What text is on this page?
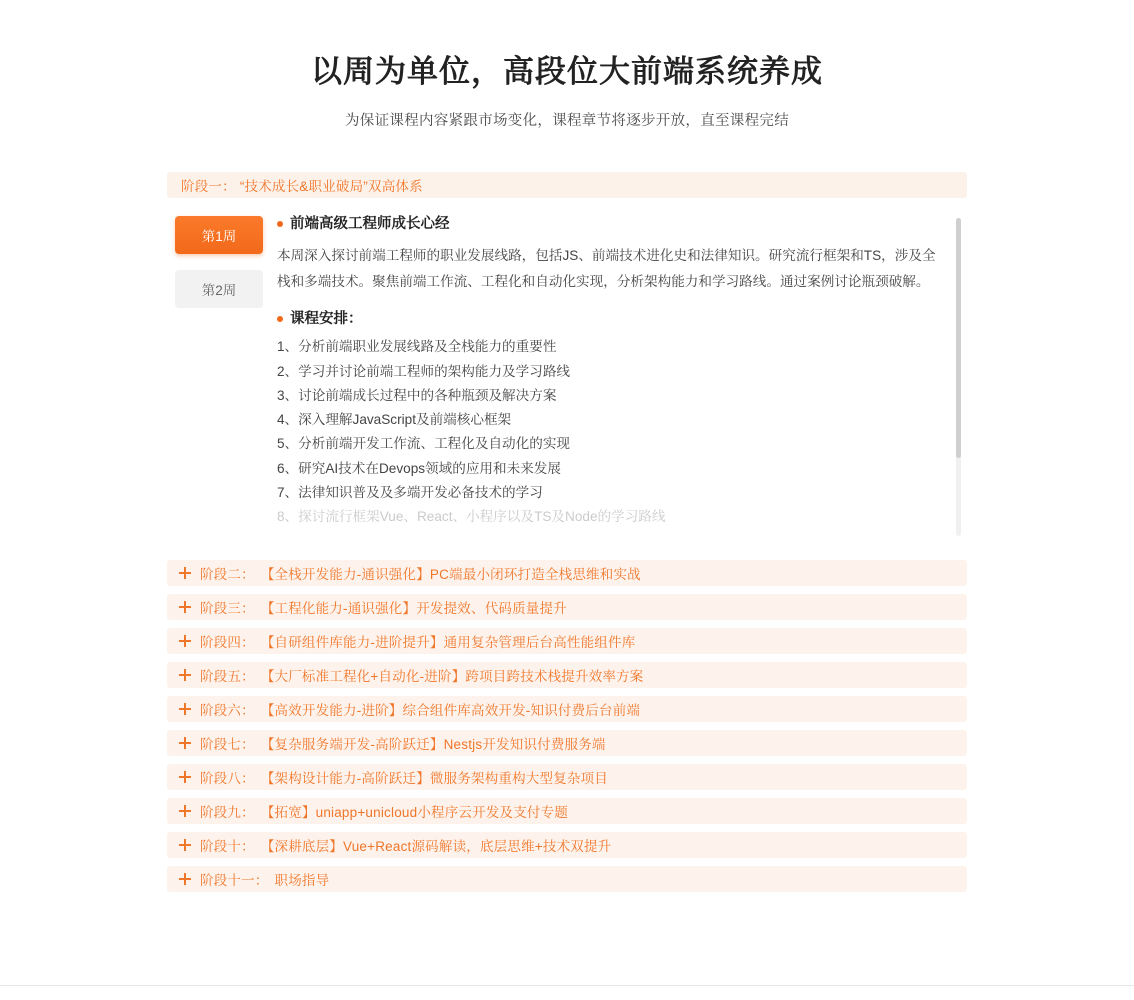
以周为单位，高段位大前端系统养成
为保证课程内容紧跟市场变化，课程章节将逐步开放，直至课程完结
阶段一： “技术成长&职业破局”双高体系
第1周
第2周
前端高级工程师成长心经
本周深入探讨前端工程师的职业发展线路，包括JS、前端技术进化史和法律知识。研究流行框架和TS，涉及全栈和多端技术。聚焦前端工作流、工程化和自动化实现，分析架构能力和学习路线。通过案例讨论瓶颈破解。
课程安排：
1、分析前端职业发展线路及全栈能力的重要性
2、学习并讨论前端工程师的架构能力及学习路线
3、讨论前端成长过程中的各种瓶颈及解决方案
4、深入理解JavaScript及前端核心框架
5、分析前端开发工作流、工程化及自动化的实现
6、研究AI技术在Devops领域的应用和未来发展
7、法律知识普及及多端开发必备技术的学习
8、探讨流行框架Vue、React、小程序以及TS及Node的学习路线
阶段二： 【全栈开发能力-通识强化】PC端最小闭环打造全栈思维和实战
阶段三： 【工程化能力-通识强化】开发提效、代码质量提升
阶段四： 【自研组件库能力-进阶提升】通用复杂管理后台高性能组件库
阶段五： 【大厂标准工程化+自动化-进阶】跨项目跨技术栈提升效率方案
阶段六： 【高效开发能力-进阶】综合组件库高效开发-知识付费后台前端
阶段七： 【复杂服务端开发-高阶跃迁】Nestjs开发知识付费服务端
阶段八： 【架构设计能力-高阶跃迁】微服务架构重构大型复杂项目
阶段九： 【拓宽】uniapp+unicloud小程序云开发及支付专题
阶段十： 【深耕底层】Vue+React源码解读，底层思维+技术双提升
阶段十一： 职场指导
